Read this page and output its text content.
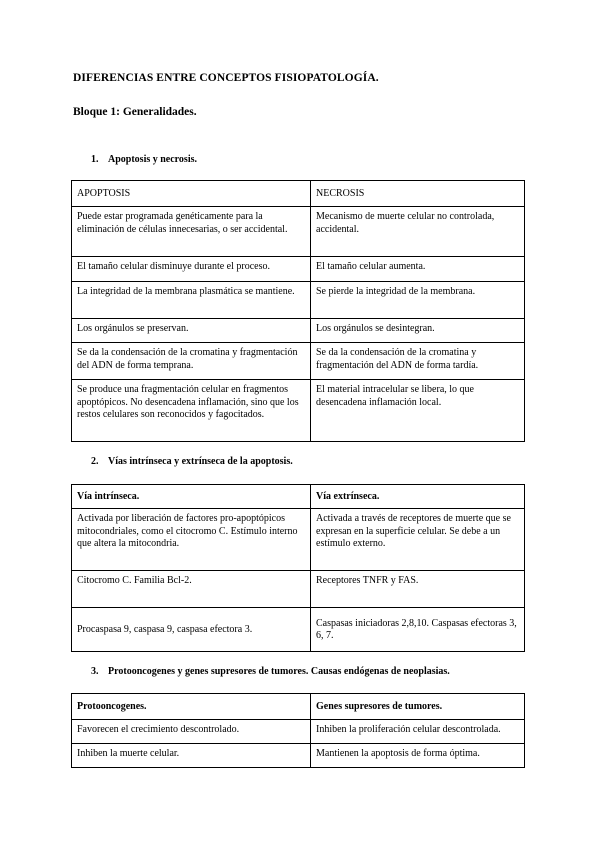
DIFERENCIAS ENTRE CONCEPTOS FISIOPATOLOGÍA.
Bloque 1: Generalidades.
1. Apoptosis y necrosis.
APOPTOSIS	NECROSIS
Puede estar programada genéticamente para la eliminación de células innecesarias, o ser accidental.	Mecanismo de muerte celular no controlada, accidental.
El tamaño celular disminuye durante el proceso.	El tamaño celular aumenta.
La integridad de la membrana plasmática se mantiene.	Se pierde la integridad de la membrana.
Los orgánulos se preservan.	Los orgánulos se desintegran.
Se da la condensación de la cromatina y fragmentación del ADN de forma temprana.	Se da la condensación de la cromatina y fragmentación del ADN de forma tardía.
Se produce una fragmentación celular en fragmentos apoptópicos. No desencadena inflamación, sino que los restos celulares son reconocidos y fagocitados.	El material intracelular se libera, lo que desencadena inflamación local.
2. Vías intrínseca y extrínseca de la apoptosis.
Vía intrínseca.	Vía extrínseca.
Activada por liberación de factores pro-apoptópicos mitocondriales, como el citocromo C. Estímulo interno que altera la mitocondria.	Activada a través de receptores de muerte que se expresan en la superficie celular. Se debe a un estímulo externo.
Citocromo C. Familia Bcl-2.	Receptores TNFR y FAS.
Procaspasa 9, caspasa 9, caspasa efectora 3.	Caspasas iniciadoras 2,8,10. Caspasas efectoras 3, 6, 7.
3. Protooncogenes y genes supresores de tumores. Causas endógenas de neoplasias.
Protooncogenes.	Genes supresores de tumores.
Favorecen el crecimiento descontrolado.	Inhiben la proliferación celular descontrolada.
Inhiben la muerte celular.	Mantienen la apoptosis de forma óptima.
